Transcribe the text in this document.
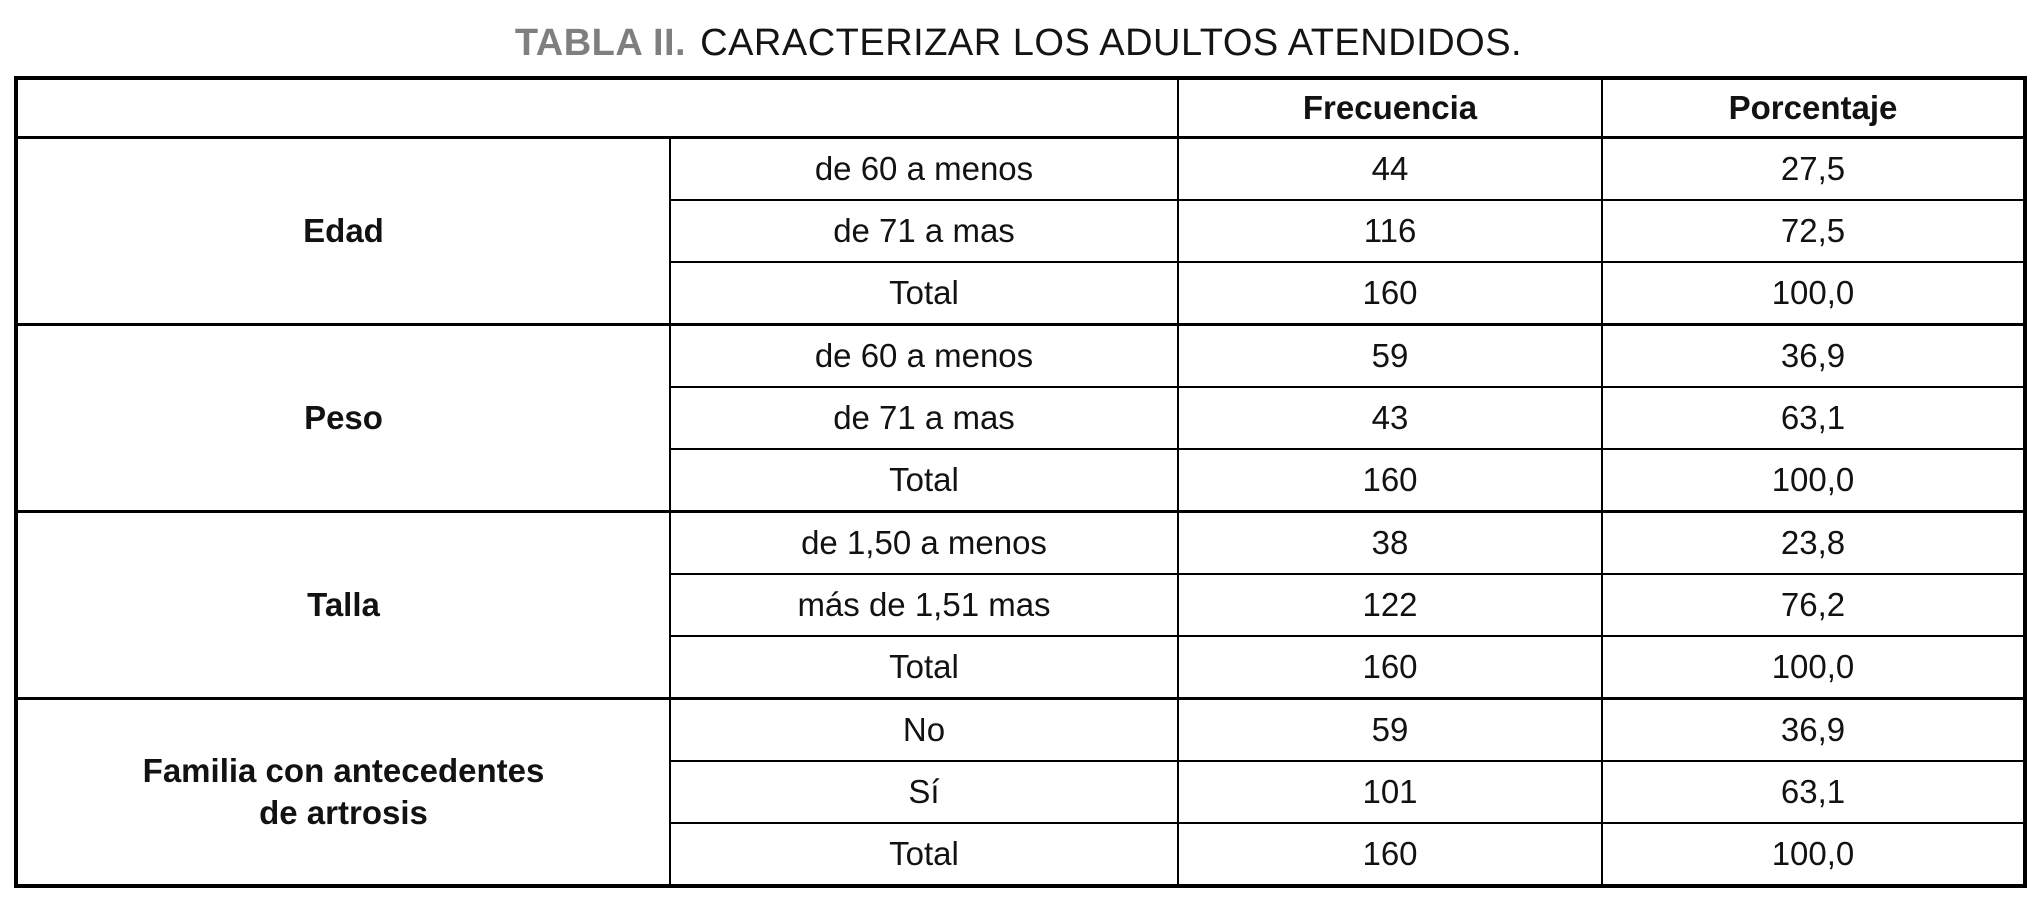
TABLA II. CARACTERIZAR LOS ADULTOS ATENDIDOS.
		Frecuencia	Porcentaje

Edad	de 60 a menos	44	27,5
	de 71 a mas	116	72,5
	Total	160	100,0

Peso	de 60 a menos	59	36,9
	de 71 a mas	43	63,1
	Total	160	100,0

Talla	de 1,50 a menos	38	23,8
	más de 1,51 mas	122	76,2
	Total	160	100,0

Familia con antecedentes
de artrosis	No	59	36,9
	Sí	101	63,1
	Total	160	100,0
